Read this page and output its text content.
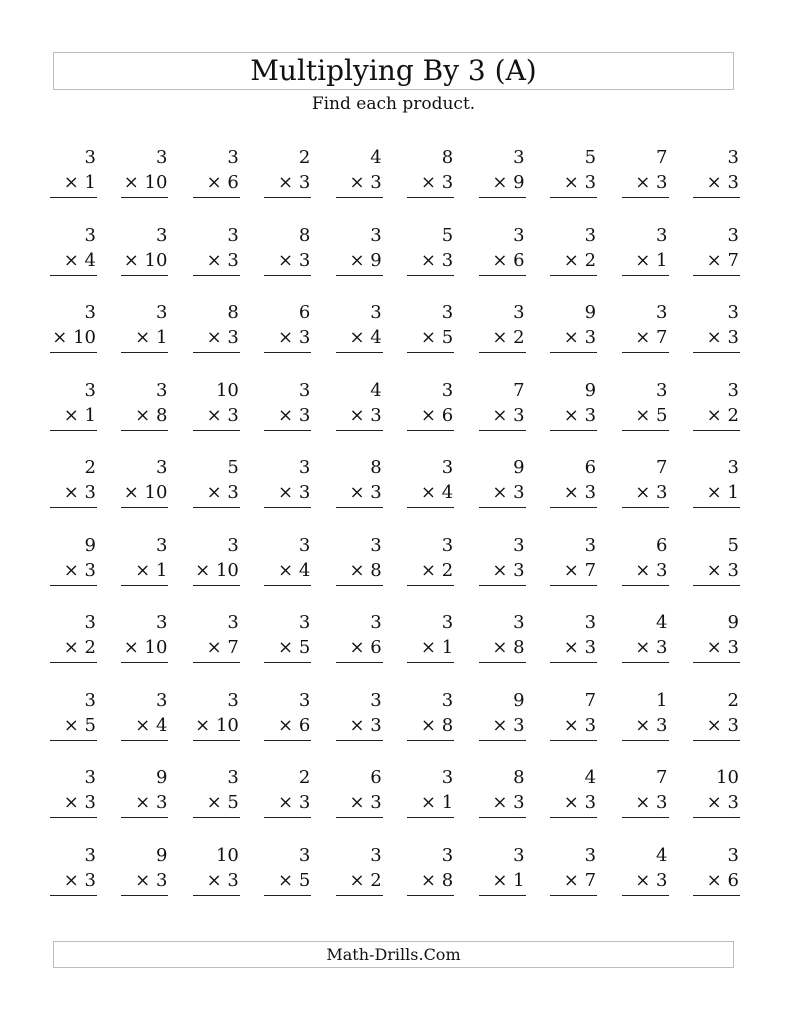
Multiplying By 3 (A)
Find each product.
3
× 1
3
× 10
3
× 6
2
× 3
4
× 3
8
× 3
3
× 9
5
× 3
7
× 3
3
× 3
3
× 4
3
× 10
3
× 3
8
× 3
3
× 9
5
× 3
3
× 6
3
× 2
3
× 1
3
× 7
3
× 10
3
× 1
8
× 3
6
× 3
3
× 4
3
× 5
3
× 2
9
× 3
3
× 7
3
× 3
3
× 1
3
× 8
10
× 3
3
× 3
4
× 3
3
× 6
7
× 3
9
× 3
3
× 5
3
× 2
2
× 3
3
× 10
5
× 3
3
× 3
8
× 3
3
× 4
9
× 3
6
× 3
7
× 3
3
× 1
9
× 3
3
× 1
3
× 10
3
× 4
3
× 8
3
× 2
3
× 3
3
× 7
6
× 3
5
× 3
3
× 2
3
× 10
3
× 7
3
× 5
3
× 6
3
× 1
3
× 8
3
× 3
4
× 3
9
× 3
3
× 5
3
× 4
3
× 10
3
× 6
3
× 3
3
× 8
9
× 3
7
× 3
1
× 3
2
× 3
3
× 3
9
× 3
3
× 5
2
× 3
6
× 3
3
× 1
8
× 3
4
× 3
7
× 3
10
× 3
3
× 3
9
× 3
10
× 3
3
× 5
3
× 2
3
× 8
3
× 1
3
× 7
4
× 3
3
× 6
Math-Drills.Com
